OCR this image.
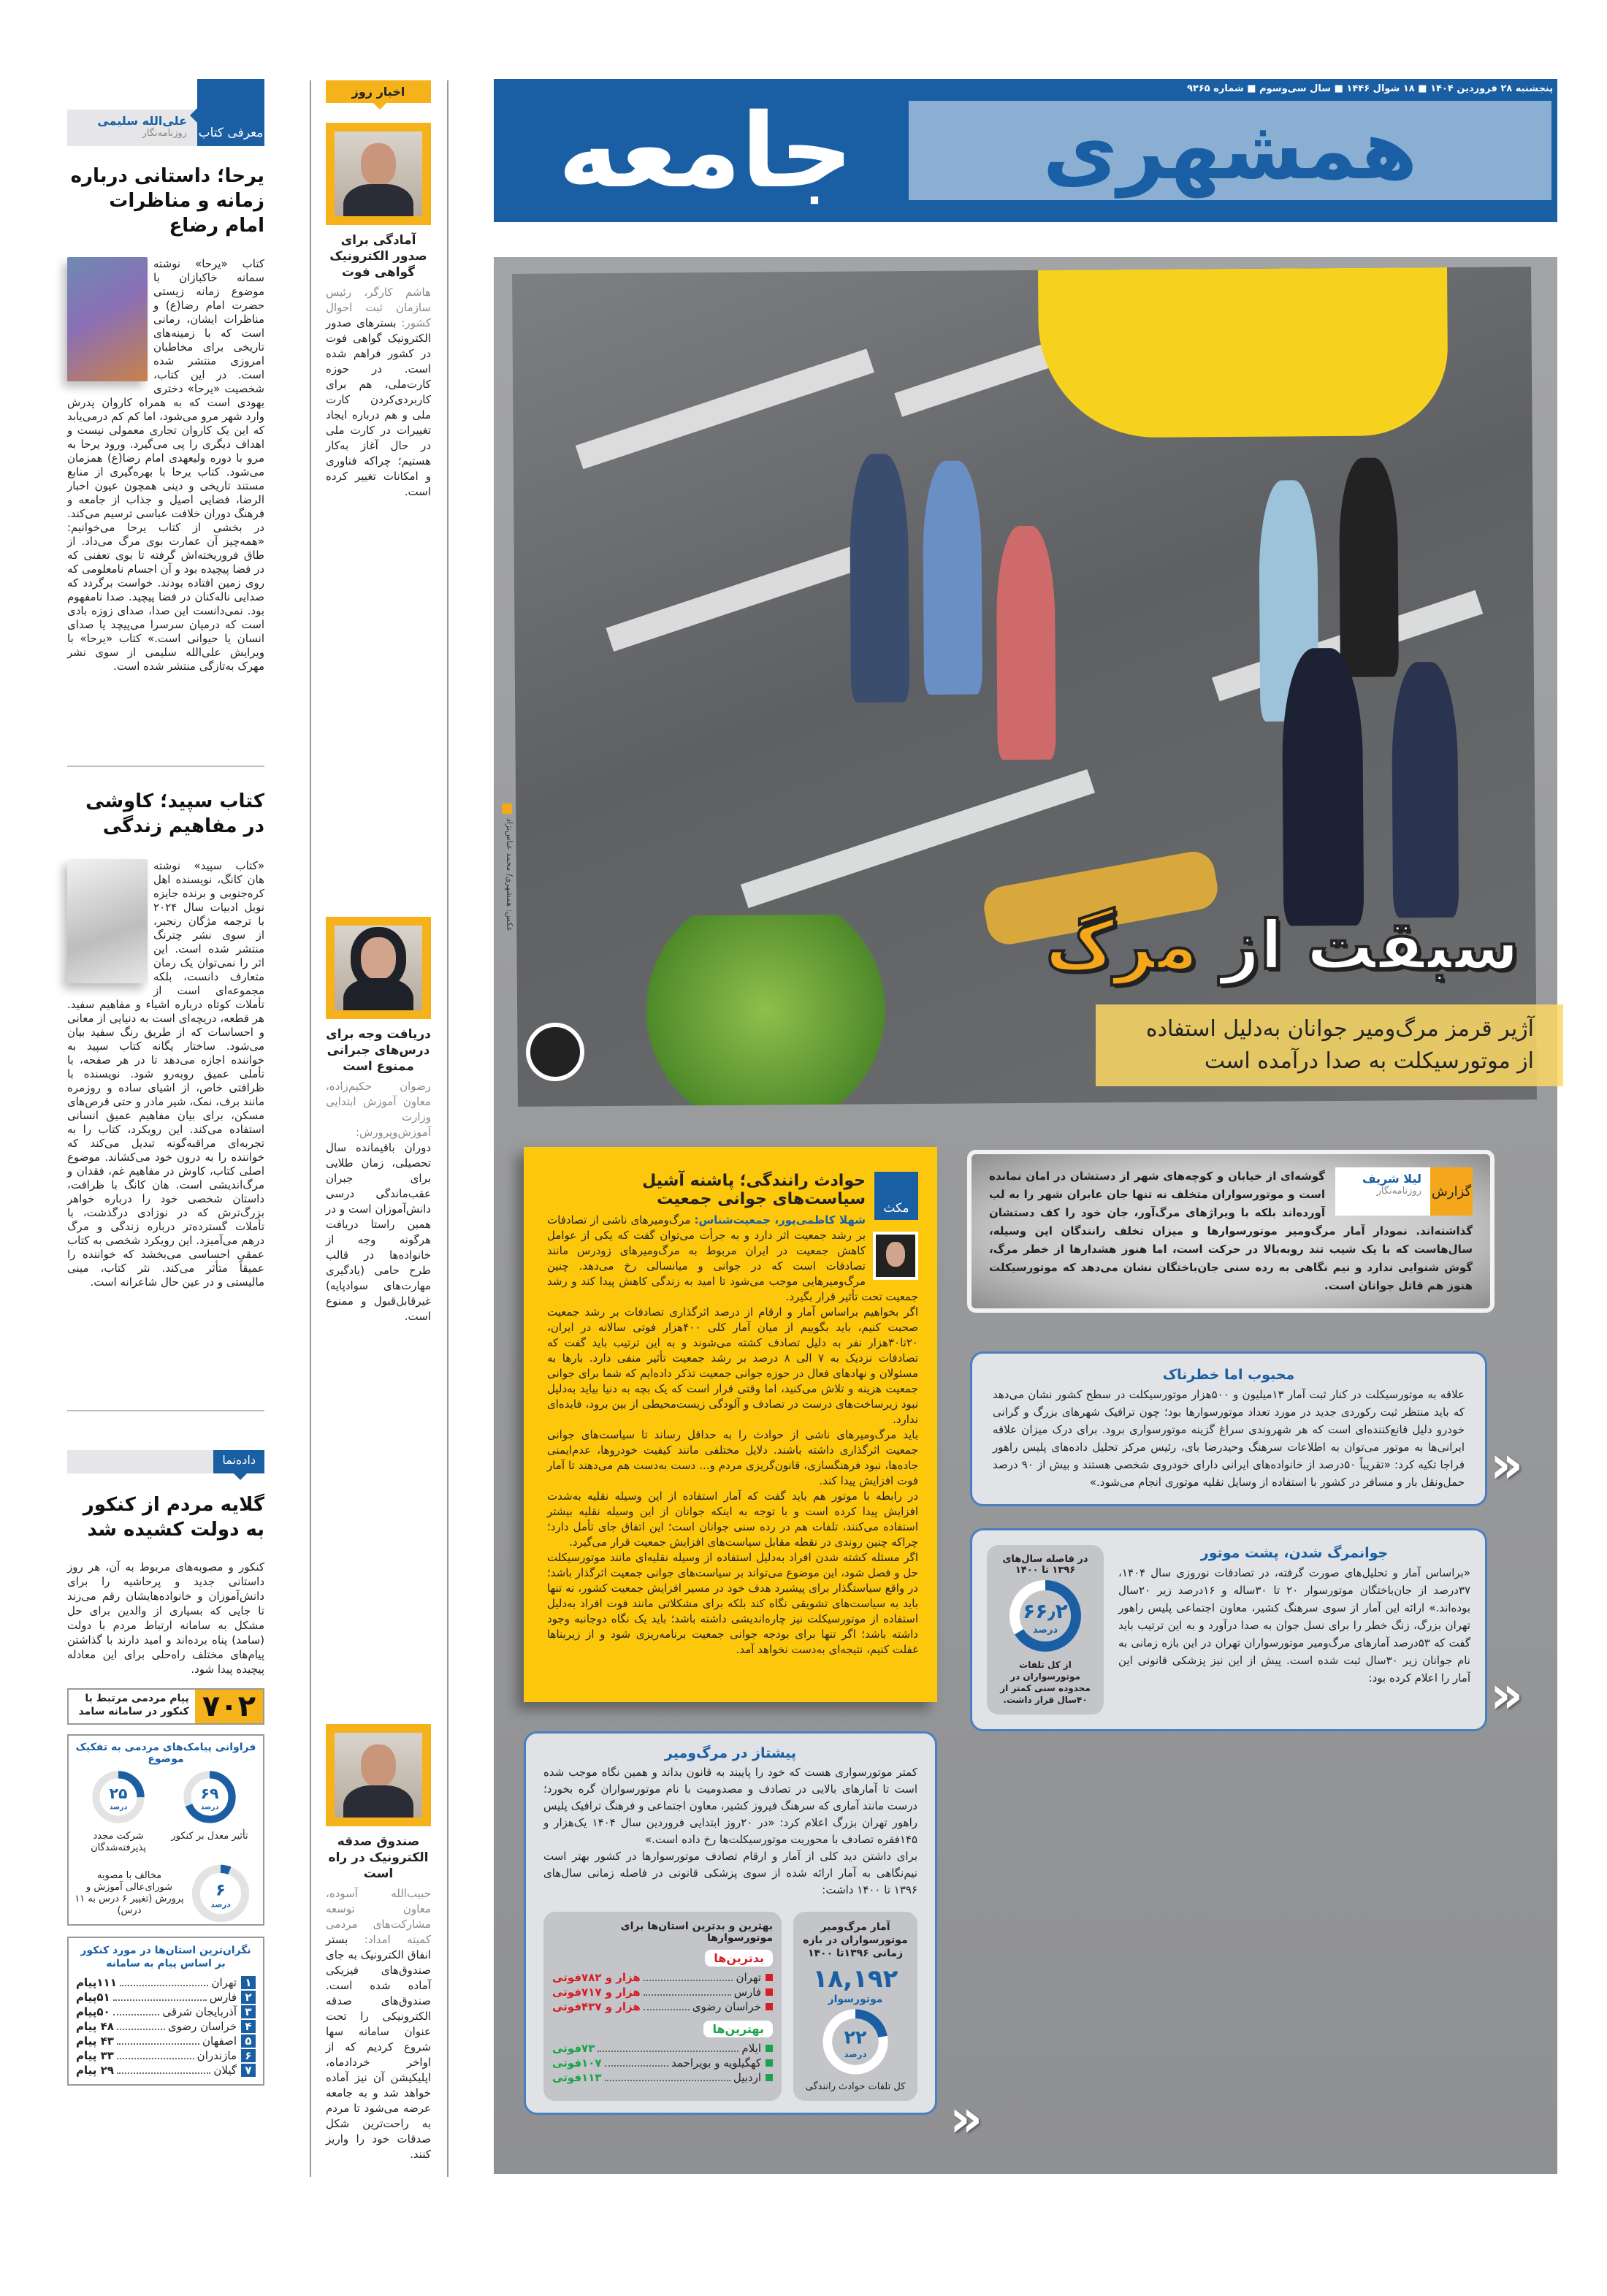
معرفی کتاب
علی‌الله سلیمی
روزنامه‌نگار
یرحا؛ داستانی درباره زمانه و مناظرات امام رضاع

کتاب «یرحا» نوشته سمانه خاکبازان با موضوع زمانه زیستی حضرت امام رضا(ع) و مناظرات ایشان، رمانی است که با زمینه‌های تاریخی برای مخاطبان امروزی منتشر شده است. در این کتاب، شخصیت «یرحا» دختری یهودی است که به همراه کاروان پدرش وارد شهر مرو می‌شود، اما کم کم درمی‌یابد که این یک کاروان تجاری معمولی نیست و اهداف دیگری را پی می‌گیرد. ورود یرحا به مرو با دوره ولیعهدی امام رضا(ع) همزمان می‌شود. کتاب یرحا با بهره‌گیری از منابع مستند تاریخی و دینی همچون عیون اخبار الرضا، فضایی اصیل و جذاب از جامعه و فرهنگ دوران خلافت عباسی ترسیم می‌کند. در بخشی از کتاب یرحا می‌خوانیم: «همه‌چیز آن عمارت بوی مرگ می‌داد. از طاق فروریخته‌اش گرفته تا بوی تعفنی که در فضا پیچیده بود و آن اجسام نامعلومی که روی زمین افتاده بودند. خواست برگردد که صدایی ناله‌کنان در فضا پیچید. صدا نامفهوم بود. نمی‌دانست این صدا، صدای زوزه بادی است که درمیان سرسرا می‌پیچد یا صدای انسان یا حیوانی است.» کتاب «یرحا» با ویرایش علی‌الله سلیمی از سوی نشر مهرک به‌تازگی منتشر شده است.

کتاب سپید؛ کاوشی در مفاهیم زندگی

«کتاب سپید» نوشته هان کانگ، نویسنده اهل کره‌جنوبی و برنده جایزه نوبل ادبیات سال ۲۰۲۴ با ترجمه مژگان رنجبر، از سوی نشر چترنگ منتشر شده است. این اثر را نمی‌توان یک رمان متعارف دانست، بلکه مجموعه‌ای است از تأملات کوتاه درباره اشیاء و مفاهیم سفید. هر قطعه، دریچه‌ای است به دنیایی از معانی و احساسات که از طریق رنگ سفید بیان می‌شود. ساختار یگانه کتاب سپید به خواننده اجازه می‌دهد تا در هر صفحه، با تأملی عمیق روبه‌رو شود. نویسنده با ظرافتی خاص، از اشیای ساده و روزمره مانند برف، نمک، شیر مادر و حتی قرص‌های مسکن، برای بیان مفاهیم عمیق انسانی استفاده می‌کند. این رویکرد، کتاب را به تجربه‌ای مراقبه‌گونه تبدیل می‌کند که خواننده را به درون خود می‌کشاند. موضوع اصلی کتاب، کاوش در مفاهیم غم، فقدان و مرگ‌اندیشی است. هان کانگ با ظرافت، داستان شخصی خود را درباره خواهر بزرگ‌ترش که در نوزادی درگذشت، با تأملات گسترده‌تر درباره زندگی و مرگ درهم می‌آمیزد. این رویکرد شخصی به کتاب عمقی احساسی می‌بخشد که خواننده را عمیقاً متأثر می‌کند. نثر کتاب، مینی مالیستی و در عین حال شاعرانه است.

دادەنما
گلایه مردم از کنکور به دولت کشیده شد

کنکور و مصوبه‌های مربوط به آن، هر روز داستانی جدید و پرحاشیه را برای دانش‌آموزان و خانواده‌هایشان رقم می‌زند تا جایی که بسیاری از والدین برای حل مشکل به سامانه ارتباط مردم با دولت (سامد) پناه برده‌اند و امید دارند با گذاشتن پیام‌های مختلف راه‌حلی برای این معادله پیچیده پیدا شود.

۷۰۲
پیام مردمی مرتبط با کنکور در سامانه سامد
فراوانی پیامک‌های مردمی به تفکیک موضوع
۶۹
درصد
تأثیر معدل بر کنکور
۲۵
درصد
شرکت مجدد پذیرفته‌شدگان
۶
درصد
مخالف با مصوبه شورای‌عالی آموزش و پرورش (تغییر ۶ درس به ۱۱ درس)
نگران‌ترین استان‌ها در مورد کنکور بر اساس پیام به سامانه
۱
تهران
۱۱۱پیام
۲
فارس
۵۱پیام
۳
آذربایجان شرقی
۵۰پیام
۴
خراسان رضوی
۴۸ پیام
۵
اصفهان
۴۳ پیام
۶
مازندران
۳۳ پیام
۷
گیلان
۲۹ پیام
اخبار روز
آمادگی برای صدور الکترونیک گواهی فوت
هاشم کارگر، رئیس سازمان ثبت احوال کشور: بسترهای صدور الکترونیک گواهی فوت در کشور فراهم شده است. در حوزه کارت‌ملی، هم برای کاربردی‌کردن کارت ملی و هم درباره ایجاد تغییرات در کارت ملی در حال آغاز به‌کار هستیم؛ چراکه فناوری و امکانات تغییر کرده است.
دریافت وجه برای درس‌های جبرانی ممنوع است
رضوان حکیم‌زاده، معاون آموزش ابتدایی وزارت آموزش‌وپرورش: دوران باقیمانده سال تحصیلی، زمان طلایی برای جبران عقب‌ماندگی درسی دانش‌آموزان است و در همین راستا دریافت هرگونه وجه از خانواده‌ها در قالب طرح حامی (یادگیری مهارت‌های سوادپایه) غیرقابل‌قبول و ممنوع است.
صندوق صدقه الکترونیک در راه است
حبیب‌الله آسوده، معاون توسعه مشارکت‌های مردمی کمیته امداد: بستر انفاق الکترونیک به جای صندوق‌های فیزیکی آماده شده است. صندوق‌های صدقه الکترونیکی را تحت عنوان سامانه سها شروع کردیم که از اواخر خردادماه، اپلیکیشن آن نیز آماده خواهد شد و به جامعه عرضه می‌شود تا مردم به راحت‌ترین شکل صدقات خود را واریز کنند.
پنجشنبه ۲۸ فروردین ۱۴۰۴ ■ ۱۸ شوال ۱۴۴۶ ■ سال سی‌وسوم ■ شماره ۹۳۶۵
همشهری
جامعه
عکس: همشهری/ محمد عباس‌نژاد
سبقت از مرگ
آژیر قرمز مرگ‌ومیر جوانان به‌دلیل استفاده
از موتورسیکلت به صدا درآمده است
گزارش
لیلا شریف
روزنامه‌نگار

گوشه‌ای از خیابان و کوچه‌های شهر از دستشان در امان نمانده است و موتورسواران متخلف نه تنها جان عابران شهر را به لب آورده‌اند بلکه با ویراژهای مرگ‌آور، جان خود را کف دستشان گذاشته‌اند. نمودار آمار مرگ‌ومیر موتورسوارها و میزان تخلف رانندگان این وسیله، سال‌هاست که با یک شیب تند روبه‌بالا در حرکت است، اما هنوز هشدارها از خطر مرگ، گوش شنوایی ندارد و نیم نگاهی به رده سنی جان‌باختگان نشان می‌دهد که موتورسیکلت هنوز هم قاتل جوانان است.

مکث
حوادث رانندگی؛ پاشنه آشیل سیاست‌های جوانی جمعیت

شهلا کاظمی‌پور، جمعیت‌شناس: مرگ‌ومیرهای ناشی از تصادفات بر رشد جمعیت اثر دارد و به جرأت می‌توان گفت که یکی از عوامل کاهش جمعیت در ایران مربوط به مرگ‌ومیرهای زودرس مانند تصادفات است که در جوانی و میانسالی رخ می‌دهد. چنین مرگ‌ومیرهایی موجب می‌شود تا امید به زندگی کاهش پیدا کند و رشد جمعیت تحت تأثیر قرار بگیرد.

اگر بخواهیم براساس آمار و ارقام از درصد اثرگذاری تصادفات بر رشد جمعیت صحبت کنیم، باید بگوییم از میان آمار کلی ۴۰۰هزار فوتی سالانه در ایران، ۲۰تا۳۰هزار نفر به دلیل تصادف کشته می‌شوند و به این ترتیب باید گفت که تصادفات نزدیک به ۷ الی ۸ درصد بر رشد جمعیت تأثیر منفی دارد. بارها به مسئولان و نهادهای فعال در حوزه جوانی جمعیت تذکر داده‌ایم که شما برای جوانی جمعیت هزینه و تلاش می‌کنید، اما وقتی قرار است که یک بچه به دنیا بیاید به‌دلیل نبود زیرساخت‌های درست در تصادف و آلودگی زیست‌محیطی از بین برود، فایده‌ای ندارد.

باید مرگ‌ومیرهای ناشی از حوادث را به حداقل رساند تا سیاست‌های جوانی جمعیت اثرگذاری داشته باشند. دلایل مختلفی مانند کیفیت خودروها، عدم‌ایمنی جاده‌ها، نبود فرهنگسازی، قانون‌گریزی مردم و... دست به‌دست هم می‌دهند تا آمار فوت افزایش پیدا کند.

در رابطه با موتور هم باید گفت که آمار استفاده از این وسیله نقلیه به‌شدت افزایش پیدا کرده است و با توجه به اینکه جوانان از این وسیله نقلیه بیشتر استفاده می‌کنند، تلفات هم در رده سنی جوانان است؛ این اتفاق جای تأمل دارد؛ چراکه چنین روندی در نقطه مقابل سیاست‌های افزایش جمعیت قرار می‌گیرد.

اگر مسئله کشته شدن افراد به‌دلیل استفاده از وسیله نقلیه‌ای مانند موتورسیکلت حل و فصل شود، این موضوع می‌تواند بر سیاست‌های جوانی جمعیت اثرگذار باشد؛ در واقع سیاستگذار برای پیشبرد هدف خود در مسیر افزایش جمعیت کشور، نه تنها باید به سیاست‌های تشویقی نگاه کند بلکه برای مشکلاتی مانند فوت افراد به‌دلیل استفاده از موتورسیکلت نیز چاره‌اندیشی داشته باشد؛ باید یک نگاه دوجانبه وجود داشته باشد؛ اگر تنها برای بودجه جوانی جمعیت برنامه‌ریزی شود و از زیربناها غفلت کنیم، نتیجه‌ای به‌دست نخواهد آمد.

پیشتاز در مرگ‌ومیر

کمتر موتورسواری هست که خود را پایبند به قانون بداند و همین نگاه موجب شده است تا آمارهای بالایی در تصادف و مصدومیت با نام موتورسواران گره بخورد؛ درست مانند آماری که سرهنگ فیروز کشیر، معاون اجتماعی و فرهنگ ترافیک پلیس راهور تهران بزرگ اعلام کرد: «در ۲۰روز ابتدایی فروردین سال ۱۴۰۴ یک‌هزار و ۱۴۵فقره تصادف با محوریت موتورسیکلت‌ها رخ داده است.»

برای داشتن دید کلی از آمار و ارقام تصادف موتورسوارها در کشور بهتر است نیم‌نگاهی به آمار ارائه شده از سوی پزشکی قانونی در فاصله زمانی سال‌های ۱۳۹۶ تا ۱۴۰۰ داشت:

آمار مرگ‌ومیر موتورسواران در بازه زمانی ۱۳۹۶تا ۱۴۰۰
۱۸,۱۹۲
موتورسوار
۲۲
درصد
کل تلفات حوادث رانندگی
بهترین و بدترین استان‌ها برای موتورسوارها
بدترین‌ها
تهران
هزار و ۷۸۲فوتی
فارس
هزار و ۷۱۷فوتی
خراسان رضوی
هزار و ۴۳۷فوتی
بهترین‌ها
ایلام
۷۳فوتی
کهگیلویه و بویراحمد
۱۰۷فوتی
اردبیل
۱۱۳فوتی
محبوب اما خطرناک

علاقه به موتورسیکلت در کنار ثبت آمار ۱۳میلیون و ۵۰۰هزار موتورسیکلت در سطح کشور نشان می‌دهد که باید منتظر ثبت رکوردی جدید در مورد تعداد موتورسوارها بود؛ چون ترافیک شهرهای بزرگ و گرانی خودرو دلیل قانع‌کننده‌ای است که هر شهروندی سراغ گزینه موتورسواری برود. برای درک میزان علاقه ایرانی‌ها به موتور می‌توان به اطلاعات سرهنگ وحیدرضا بای، رئیس مرکز تحلیل داده‌های پلیس راهور فراجا تکیه کرد: «تقریباً ۵۰درصد از خانواده‌های ایرانی دارای خودروی شخصی هستند و بیش از ۹۰ درصد حمل‌ونقل بار و مسافر در کشور با استفاده از وسایل نقلیه موتوری انجام می‌شود.»

جوانمرگ شدن، پشت موتور

«براساس آمار و تحلیل‌های صورت گرفته، در تصادفات نوروزی سال ۱۴۰۴، ۳۷درصد از جان‌باختگان موتورسوار ۲۰ تا ۳۰ساله و ۱۶درصد زیر ۲۰سال بوده‌اند.» ارائه این آمار از سوی سرهنگ کشیر، معاون اجتماعی پلیس راهور تهران بزرگ، زنگ خطر را برای نسل جوان به صدا درآورد و به این ترتیب باید گفت که ۵۳درصد آمارهای مرگ‌ومیر موتورسواران تهران در این بازه زمانی به نام جوانان زیر ۳۰سال ثبت شده است. پیش از این نیز پزشکی قانونی این آمار را اعلام کرده بود:

در فاصله سال‌های ۱۳۹۶ تا ۱۴۰۰
۶۶٫۲
درصد
از کل تلفات موتورسواران در محدوده سنی کمتر از ۴۰سال قرار داشت.
«
«
«
